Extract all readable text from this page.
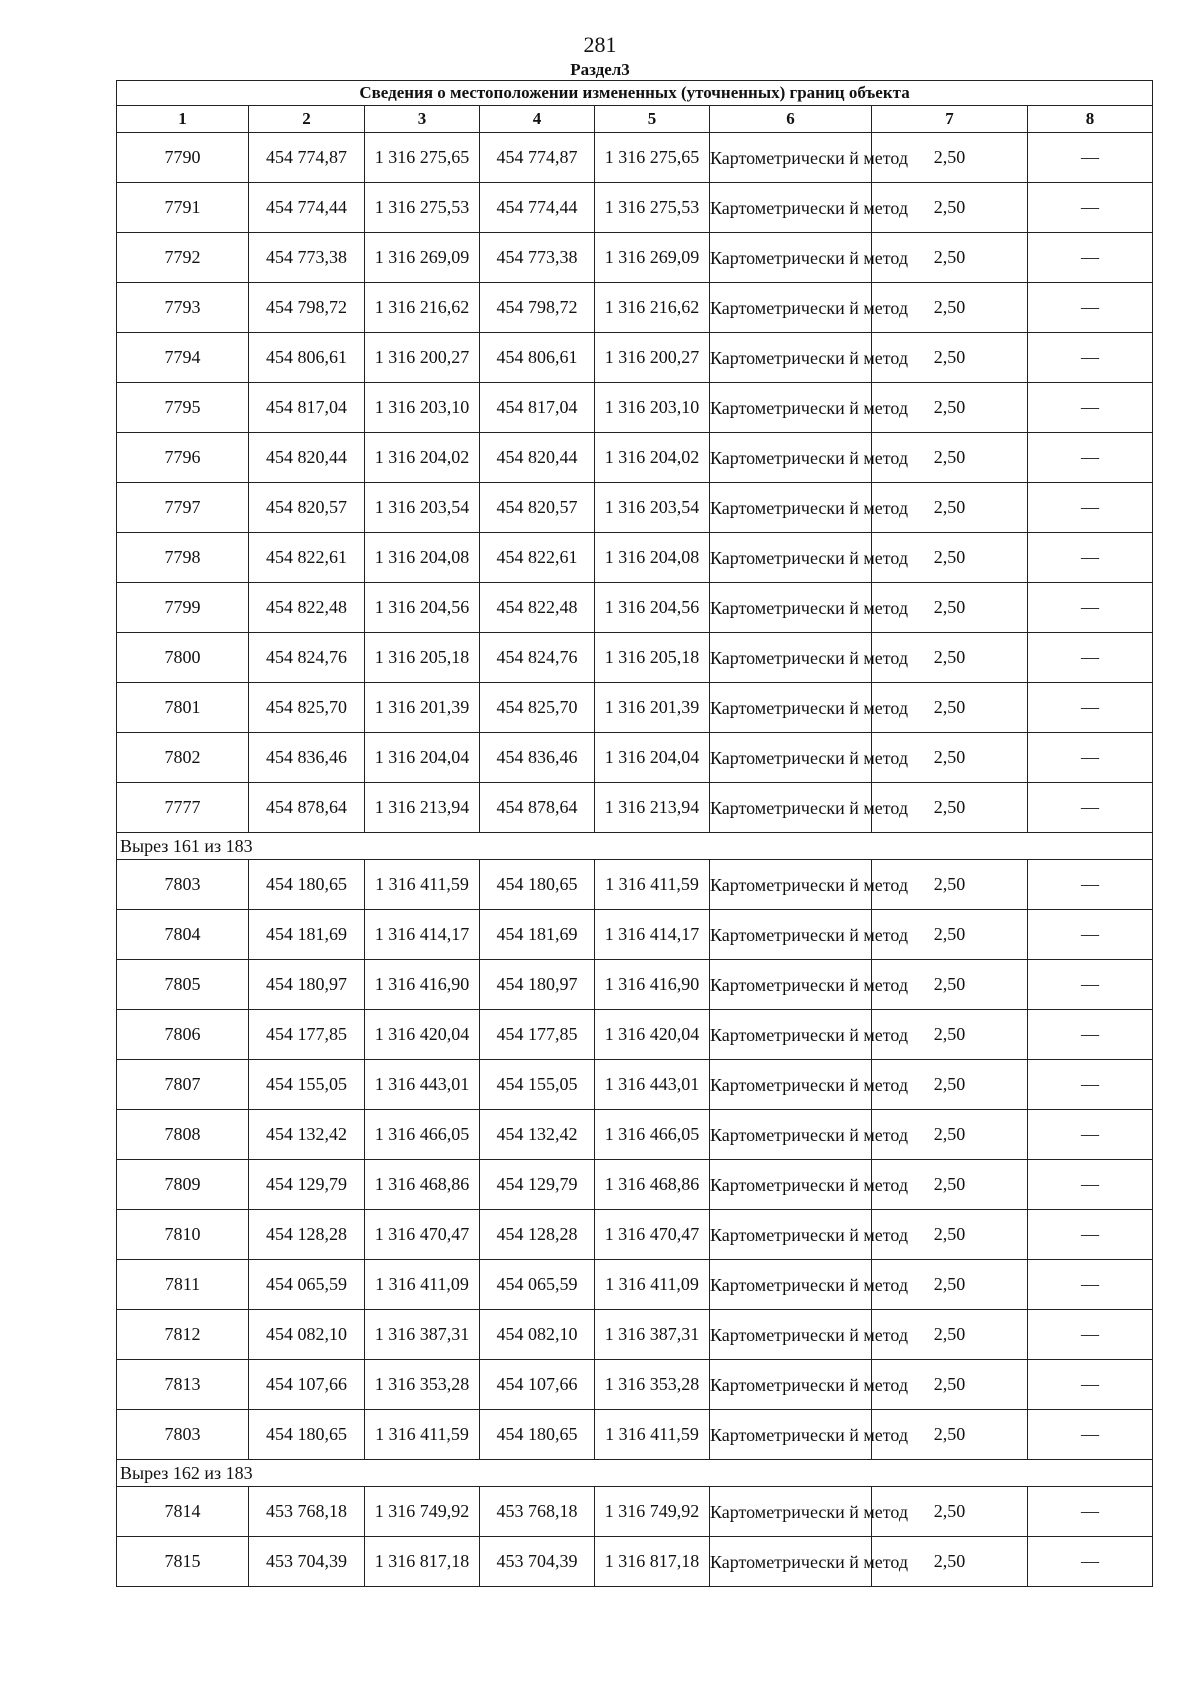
281
Раздел3
Сведения о местоположении измененных (уточненных) границ объекта							
1	2	3	4	5	6	7	8
7790	454 774,87	1 316 275,65	454 774,87	1 316 275,65	Картометрически й метод	2,50	—
7791	454 774,44	1 316 275,53	454 774,44	1 316 275,53	Картометрически й метод	2,50	—
7792	454 773,38	1 316 269,09	454 773,38	1 316 269,09	Картометрически й метод	2,50	—
7793	454 798,72	1 316 216,62	454 798,72	1 316 216,62	Картометрически й метод	2,50	—
7794	454 806,61	1 316 200,27	454 806,61	1 316 200,27	Картометрически й метод	2,50	—
7795	454 817,04	1 316 203,10	454 817,04	1 316 203,10	Картометрически й метод	2,50	—
7796	454 820,44	1 316 204,02	454 820,44	1 316 204,02	Картометрически й метод	2,50	—
7797	454 820,57	1 316 203,54	454 820,57	1 316 203,54	Картометрически й метод	2,50	—
7798	454 822,61	1 316 204,08	454 822,61	1 316 204,08	Картометрически й метод	2,50	—
7799	454 822,48	1 316 204,56	454 822,48	1 316 204,56	Картометрически й метод	2,50	—
7800	454 824,76	1 316 205,18	454 824,76	1 316 205,18	Картометрически й метод	2,50	—
7801	454 825,70	1 316 201,39	454 825,70	1 316 201,39	Картометрически й метод	2,50	—
7802	454 836,46	1 316 204,04	454 836,46	1 316 204,04	Картометрически й метод	2,50	—
7777	454 878,64	1 316 213,94	454 878,64	1 316 213,94	Картометрически й метод	2,50	—
Вырез 161 из 183							
7803	454 180,65	1 316 411,59	454 180,65	1 316 411,59	Картометрически й метод	2,50	—
7804	454 181,69	1 316 414,17	454 181,69	1 316 414,17	Картометрически й метод	2,50	—
7805	454 180,97	1 316 416,90	454 180,97	1 316 416,90	Картометрически й метод	2,50	—
7806	454 177,85	1 316 420,04	454 177,85	1 316 420,04	Картометрически й метод	2,50	—
7807	454 155,05	1 316 443,01	454 155,05	1 316 443,01	Картометрически й метод	2,50	—
7808	454 132,42	1 316 466,05	454 132,42	1 316 466,05	Картометрически й метод	2,50	—
7809	454 129,79	1 316 468,86	454 129,79	1 316 468,86	Картометрически й метод	2,50	—
7810	454 128,28	1 316 470,47	454 128,28	1 316 470,47	Картометрически й метод	2,50	—
7811	454 065,59	1 316 411,09	454 065,59	1 316 411,09	Картометрически й метод	2,50	—
7812	454 082,10	1 316 387,31	454 082,10	1 316 387,31	Картометрически й метод	2,50	—
7813	454 107,66	1 316 353,28	454 107,66	1 316 353,28	Картометрически й метод	2,50	—
7803	454 180,65	1 316 411,59	454 180,65	1 316 411,59	Картометрически й метод	2,50	—
Вырез 162 из 183							
7814	453 768,18	1 316 749,92	453 768,18	1 316 749,92	Картометрически й метод	2,50	—
7815	453 704,39	1 316 817,18	453 704,39	1 316 817,18	Картометрически й метод	2,50	—
